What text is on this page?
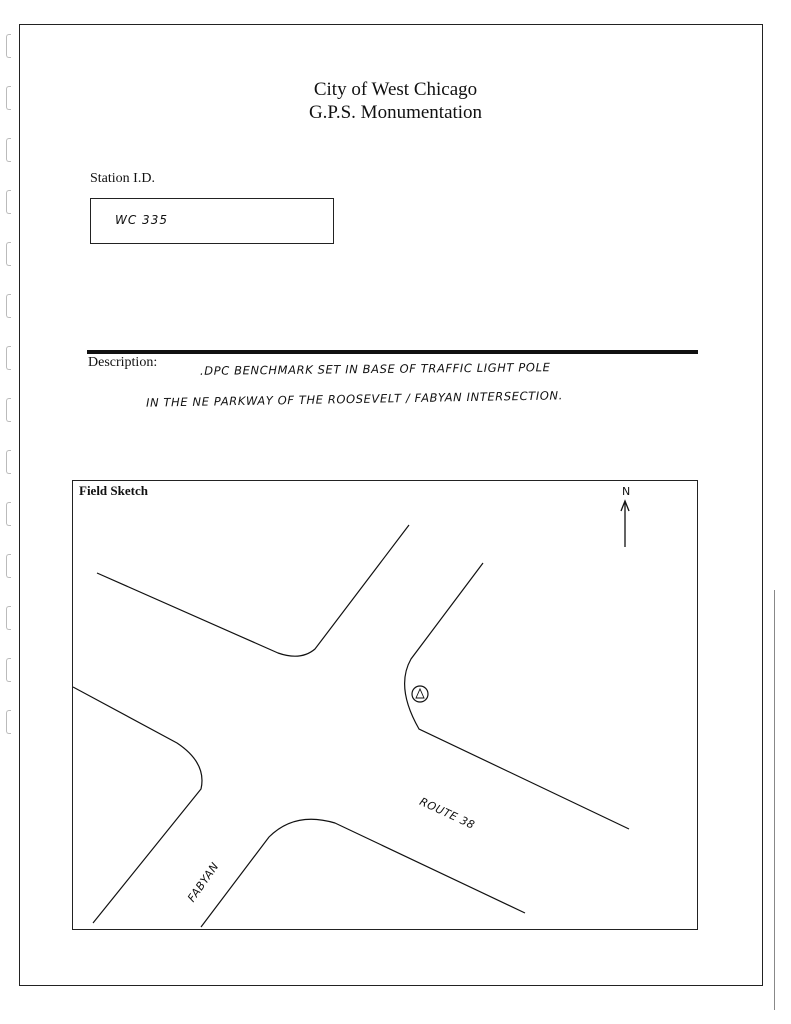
City of West Chicago
G.P.S. Monumentation
Station I.D.
WC 335
Description:	.DPC BENCHMARK SET IN BASE OF TRAFFIC LIGHT POLE
IN THE NE PARKWAY OF THE ROOSEVELT / FABYAN INTERSECTION.
Field Sketch	N
ROUTE 38
FABYAN
